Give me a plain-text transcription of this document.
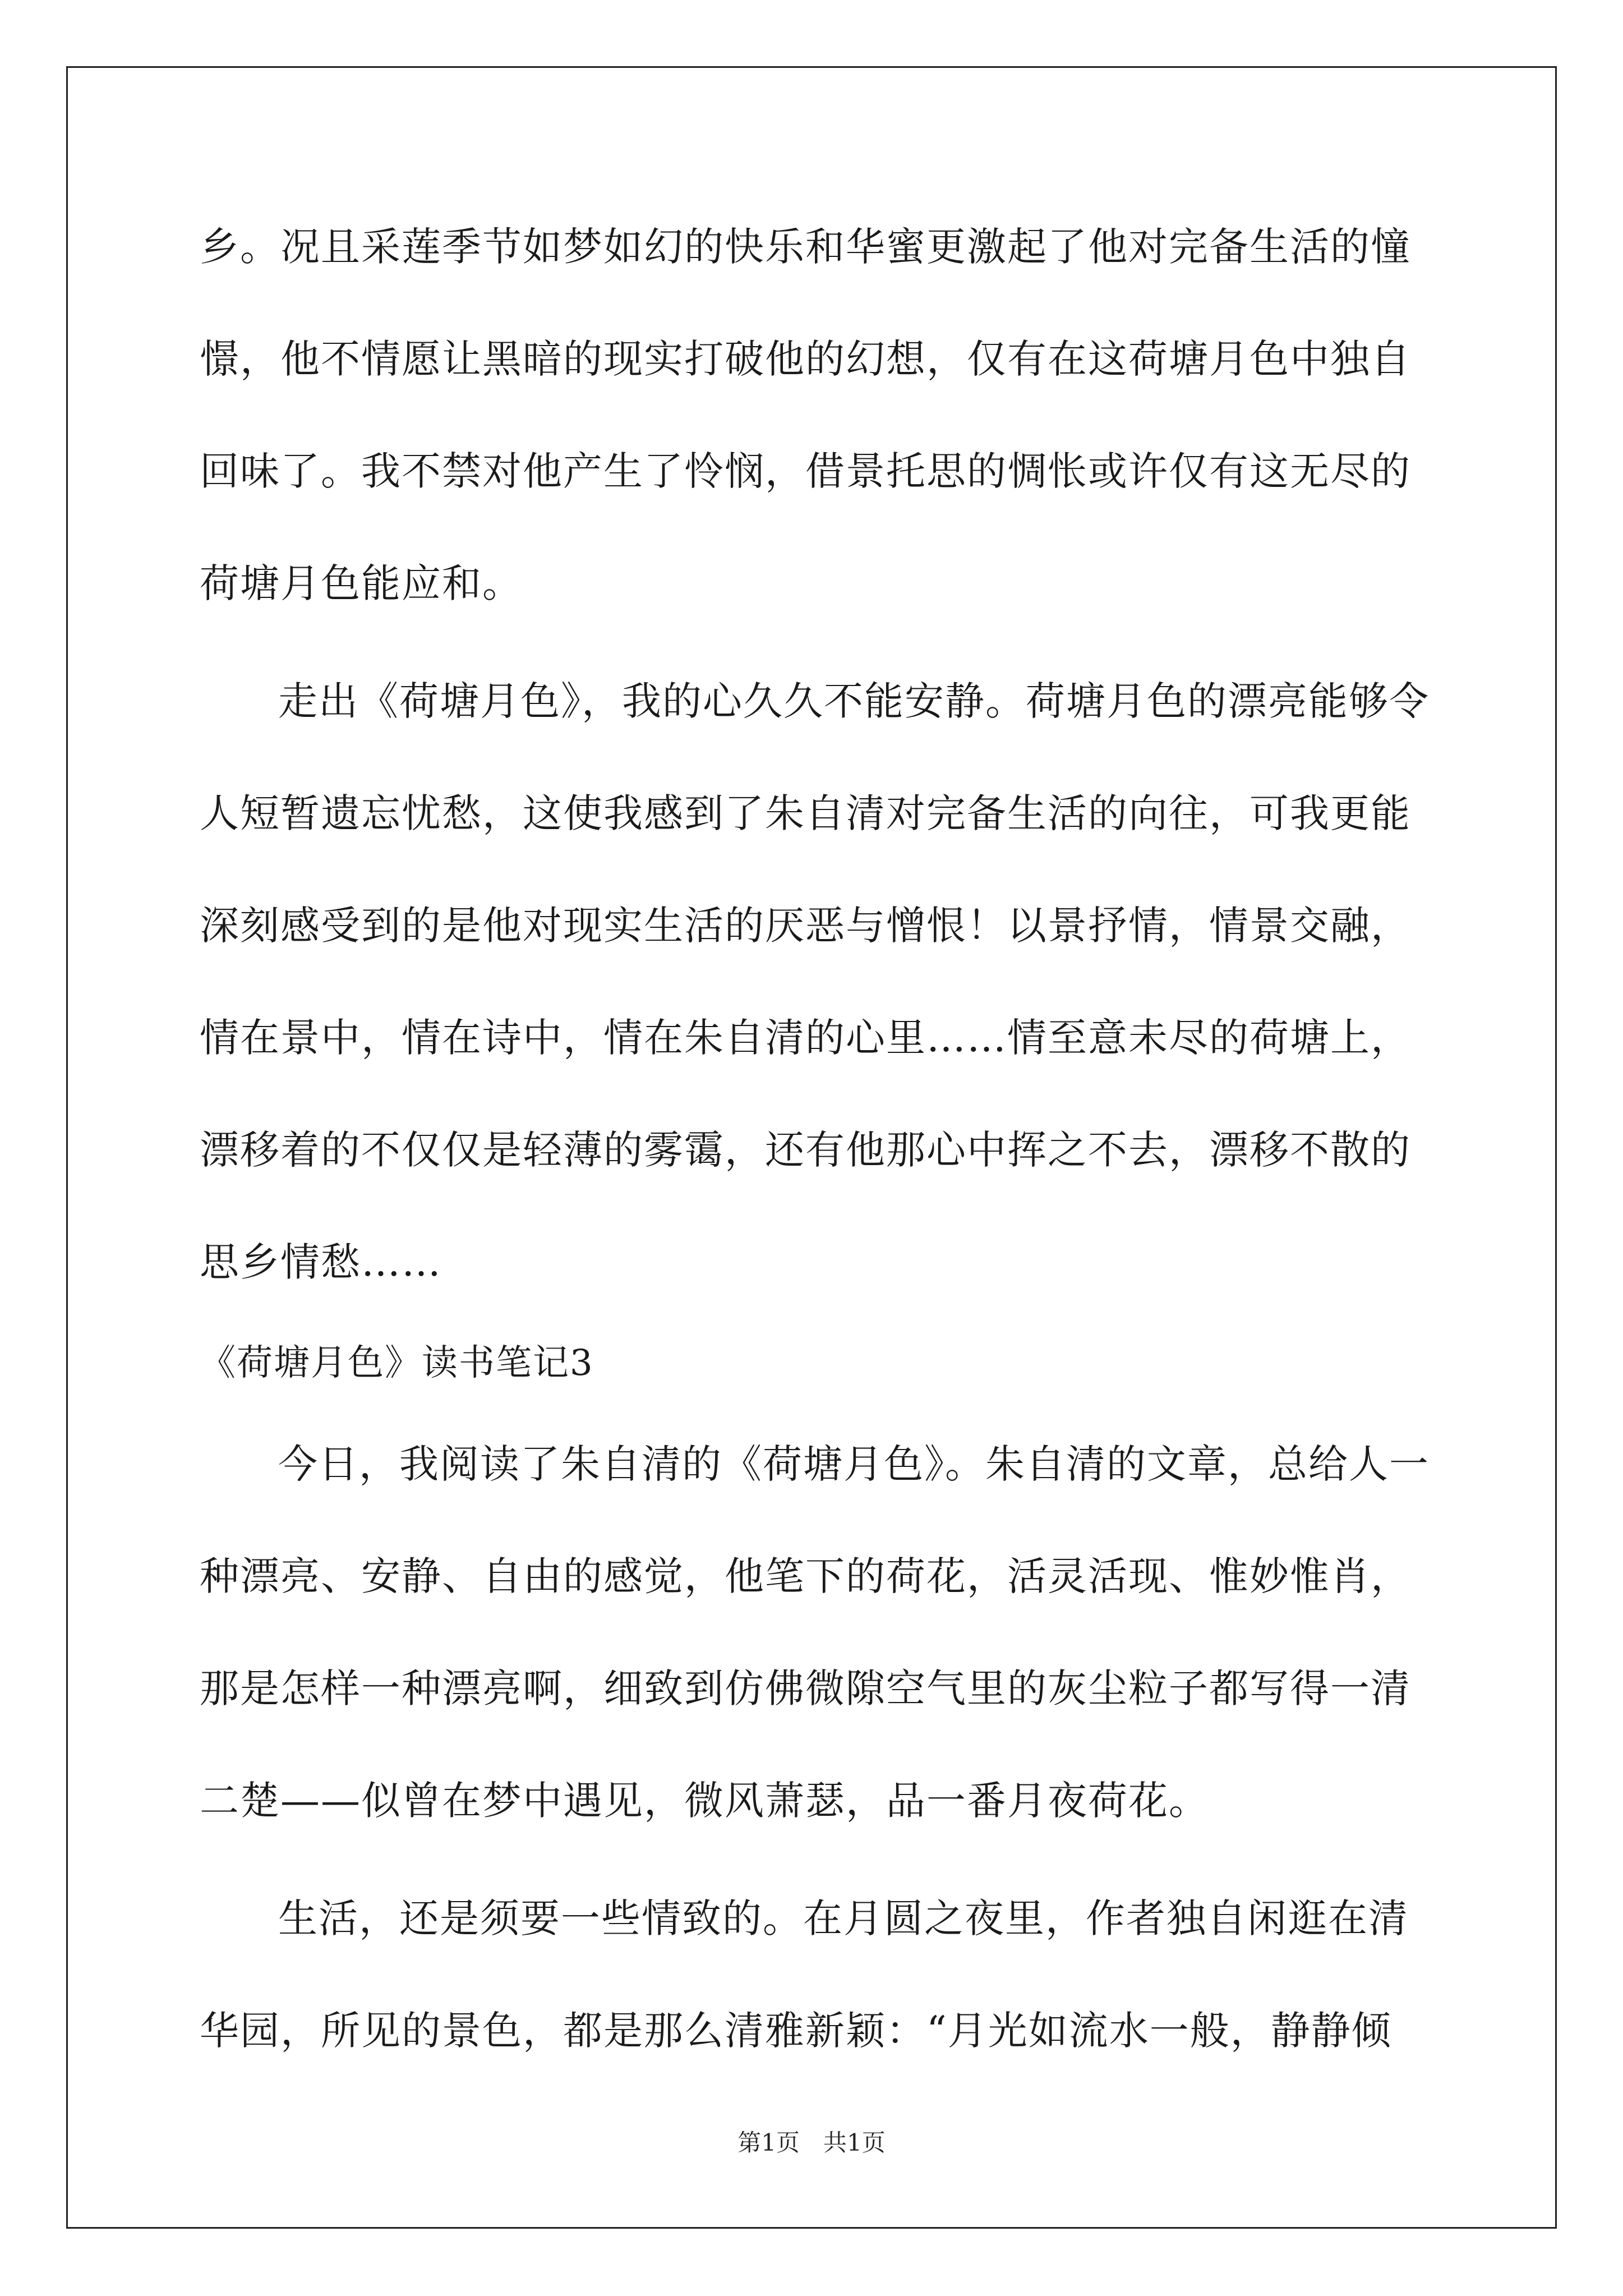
乡。况且采莲季节如梦如幻的快乐和华蜜更激起了他对完备生活的憧
憬，他不情愿让黑暗的现实打破他的幻想，仅有在这荷塘月色中独自
回味了。我不禁对他产生了怜悯，借景托思的惆怅或许仅有这无尽的
荷塘月色能应和。
走出《荷塘月色》，我的心久久不能安静。荷塘月色的漂亮能够令
人短暂遗忘忧愁，这使我感到了朱自清对完备生活的向往，可我更能
深刻感受到的是他对现实生活的厌恶与憎恨！以景抒情，情景交融，
情在景中，情在诗中，情在朱自清的心里……情至意未尽的荷塘上，
漂移着的不仅仅是轻薄的雾霭，还有他那心中挥之不去，漂移不散的
思乡情愁……
《荷塘月色》读书笔记3
今日，我阅读了朱自清的《荷塘月色》。朱自清的文章，总给人一
种漂亮、安静、自由的感觉，他笔下的荷花，活灵活现、惟妙惟肖，
那是怎样一种漂亮啊，细致到仿佛微隙空气里的灰尘粒子都写得一清
二楚——似曾在梦中遇见，微风萧瑟，品一番月夜荷花。
生活，还是须要一些情致的。在月圆之夜里，作者独自闲逛在清
华园，所见的景色，都是那么清雅新颖：“月光如流水一般，静静倾
第1页　共1页
